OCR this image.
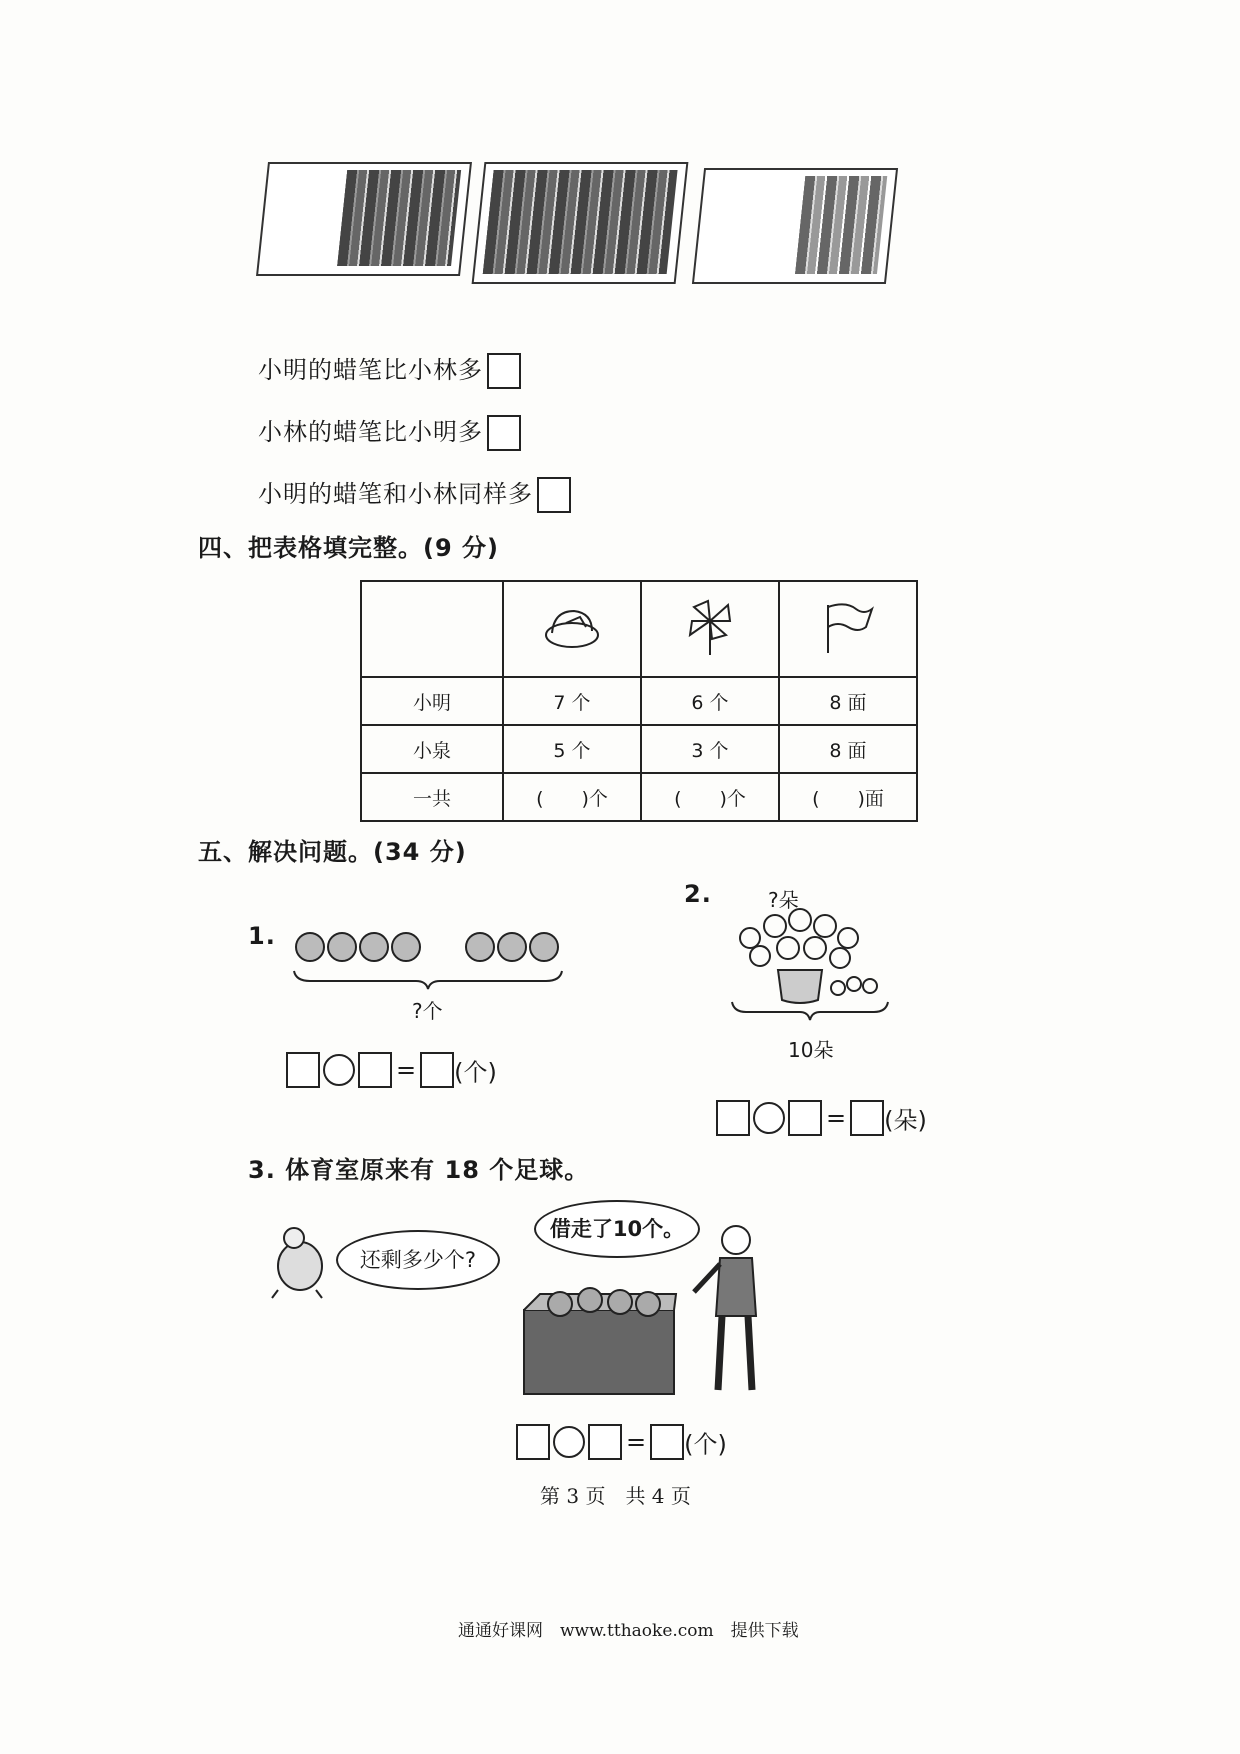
小明的蜡笔比小林多
小林的蜡笔比小明多
小明的蜡笔和小林同样多
四、把表格填完整。(9 分)

小明	7 个	6 个	8 面
小泉	5 个	3 个	8 面
一共	(　　)个	(　　)个	(　　)面
五、解决问题。(34 分)
1.
?个
= (个)
2.	?朵
10朵
= (朵)
3. 体育室原来有 18 个足球。
还剩多少个?
借走了10个。
= (个)
第 3 页　共 4 页
通通好课网　www.tthaoke.com　提供下载
